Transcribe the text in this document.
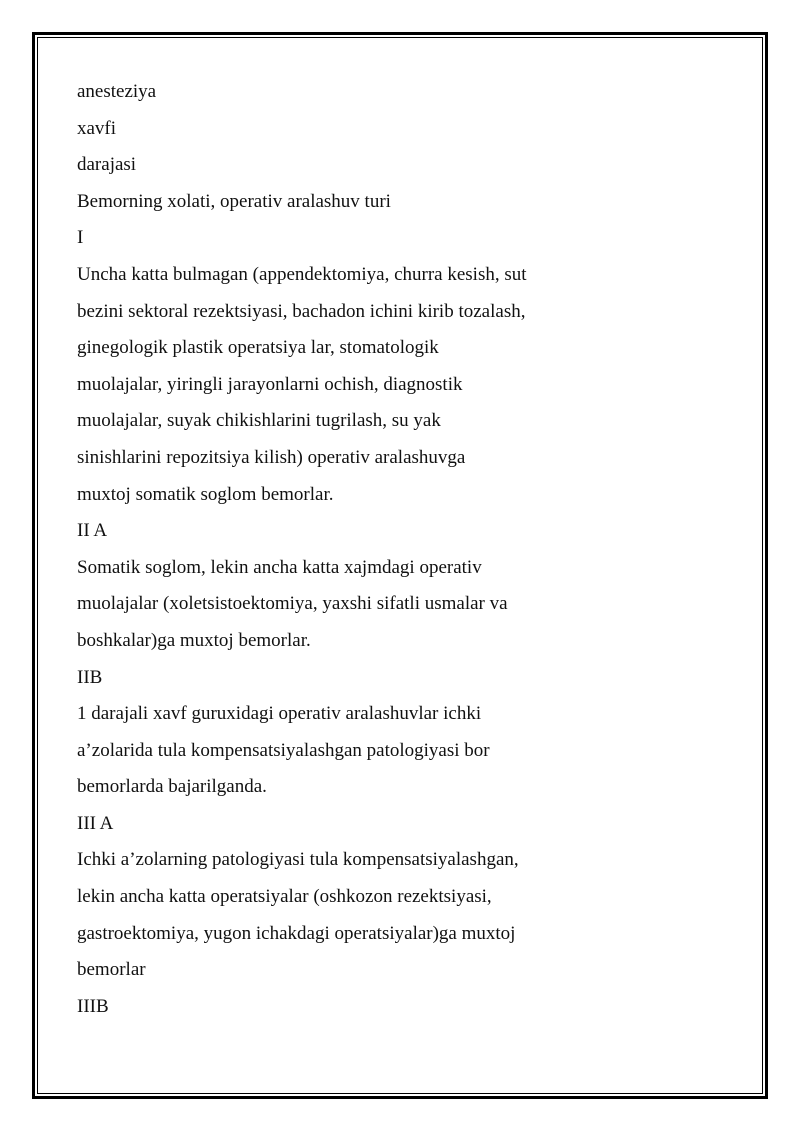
anesteziya
xavfi
darajasi
Bemorning xolati, operativ aralashuv turi
I
Uncha katta bulmagan (appendektomiya, churra kesish, sut
bezini sektoral rezektsiyasi, bachadon ichini kirib tozalash,
ginegologik plastik operatsiya lar, stomatologik
muolajalar, yiringli jarayonlarni ochish, diagnostik
muolajalar, suyak chikishlarini tugrilash, su yak
sinishlarini repozitsiya kilish) operativ aralashuvga
muxtoj somatik soglom bemorlar.
II A
Somatik soglom, lekin ancha katta xajmdagi operativ
muolajalar (xoletsistoektomiya, yaxshi sifatli usmalar va
boshkalar)ga muxtoj bemorlar.
IIB
1 darajali xavf guruxidagi operativ aralashuvlar ichki
a’zolarida tula kompensatsiyalashgan patologiyasi bor
bemorlarda bajarilganda.
III A
Ichki a’zolarning patologiyasi tula kompensatsiyalashgan,
lekin ancha katta operatsiyalar (oshkozon rezektsiyasi,
gastroektomiya, yugon ichakdagi operatsiyalar)ga muxtoj
bemorlar
IIIB
